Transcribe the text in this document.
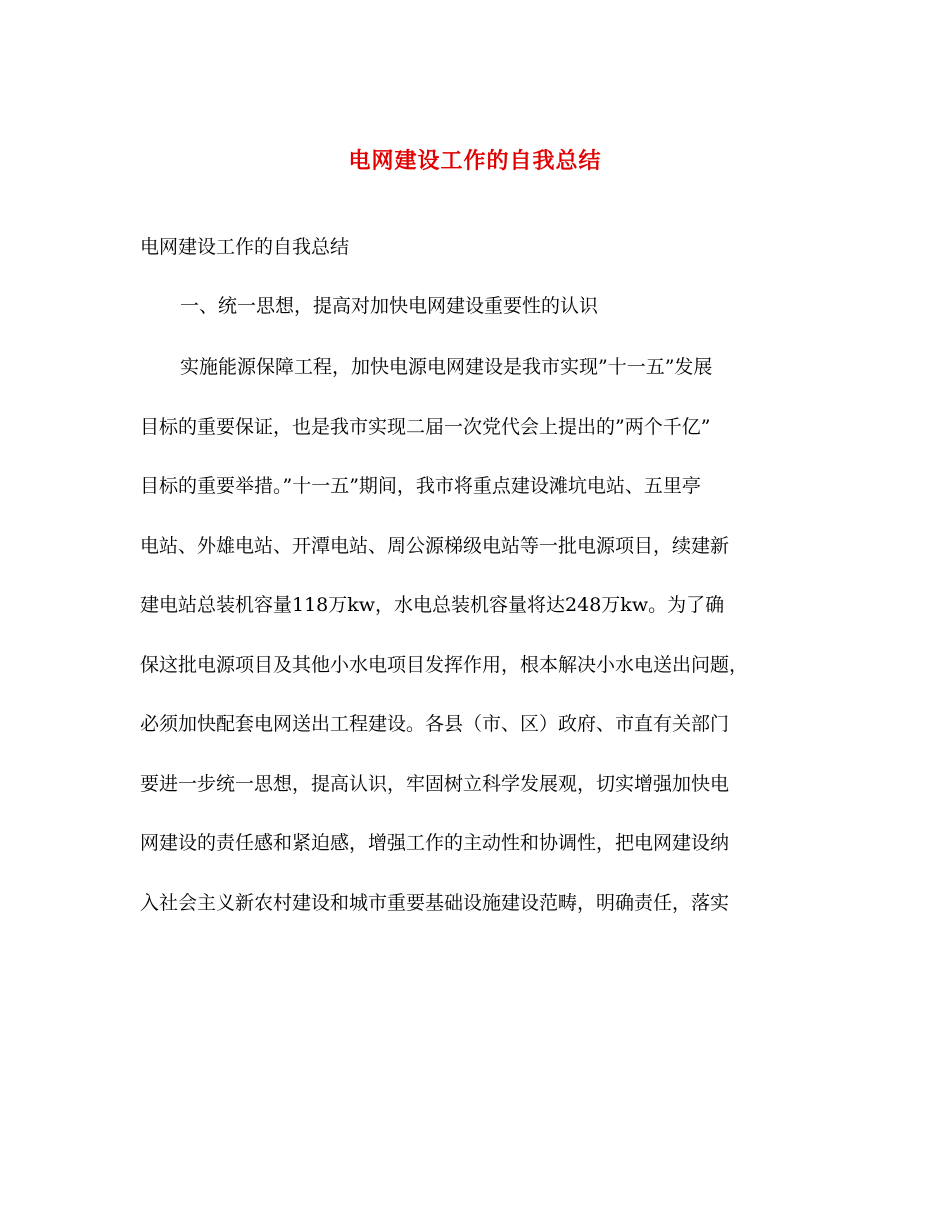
电网建设工作的自我总结
电网建设工作的自我总结
一、统一思想，提高对加快电网建设重要性的认识
实施能源保障工程，加快电源电网建设是我市实现”十一五”发展
目标的重要保证，也是我市实现二届一次党代会上提出的”两个千亿”
目标的重要举措。”十一五”期间，我市将重点建设滩坑电站、五里亭
电站、外雄电站、开潭电站、周公源梯级电站等一批电源项目，续建新
建电站总装机容量118万kw，水电总装机容量将达248万kw。为了确
保这批电源项目及其他小水电项目发挥作用，根本解决小水电送出问题，
必须加快配套电网送出工程建设。各县（市、区）政府、市直有关部门
要进一步统一思想，提高认识，牢固树立科学发展观，切实增强加快电
网建设的责任感和紧迫感，增强工作的主动性和协调性，把电网建设纳
入社会主义新农村建设和城市重要基础设施建设范畴，明确责任，落实
